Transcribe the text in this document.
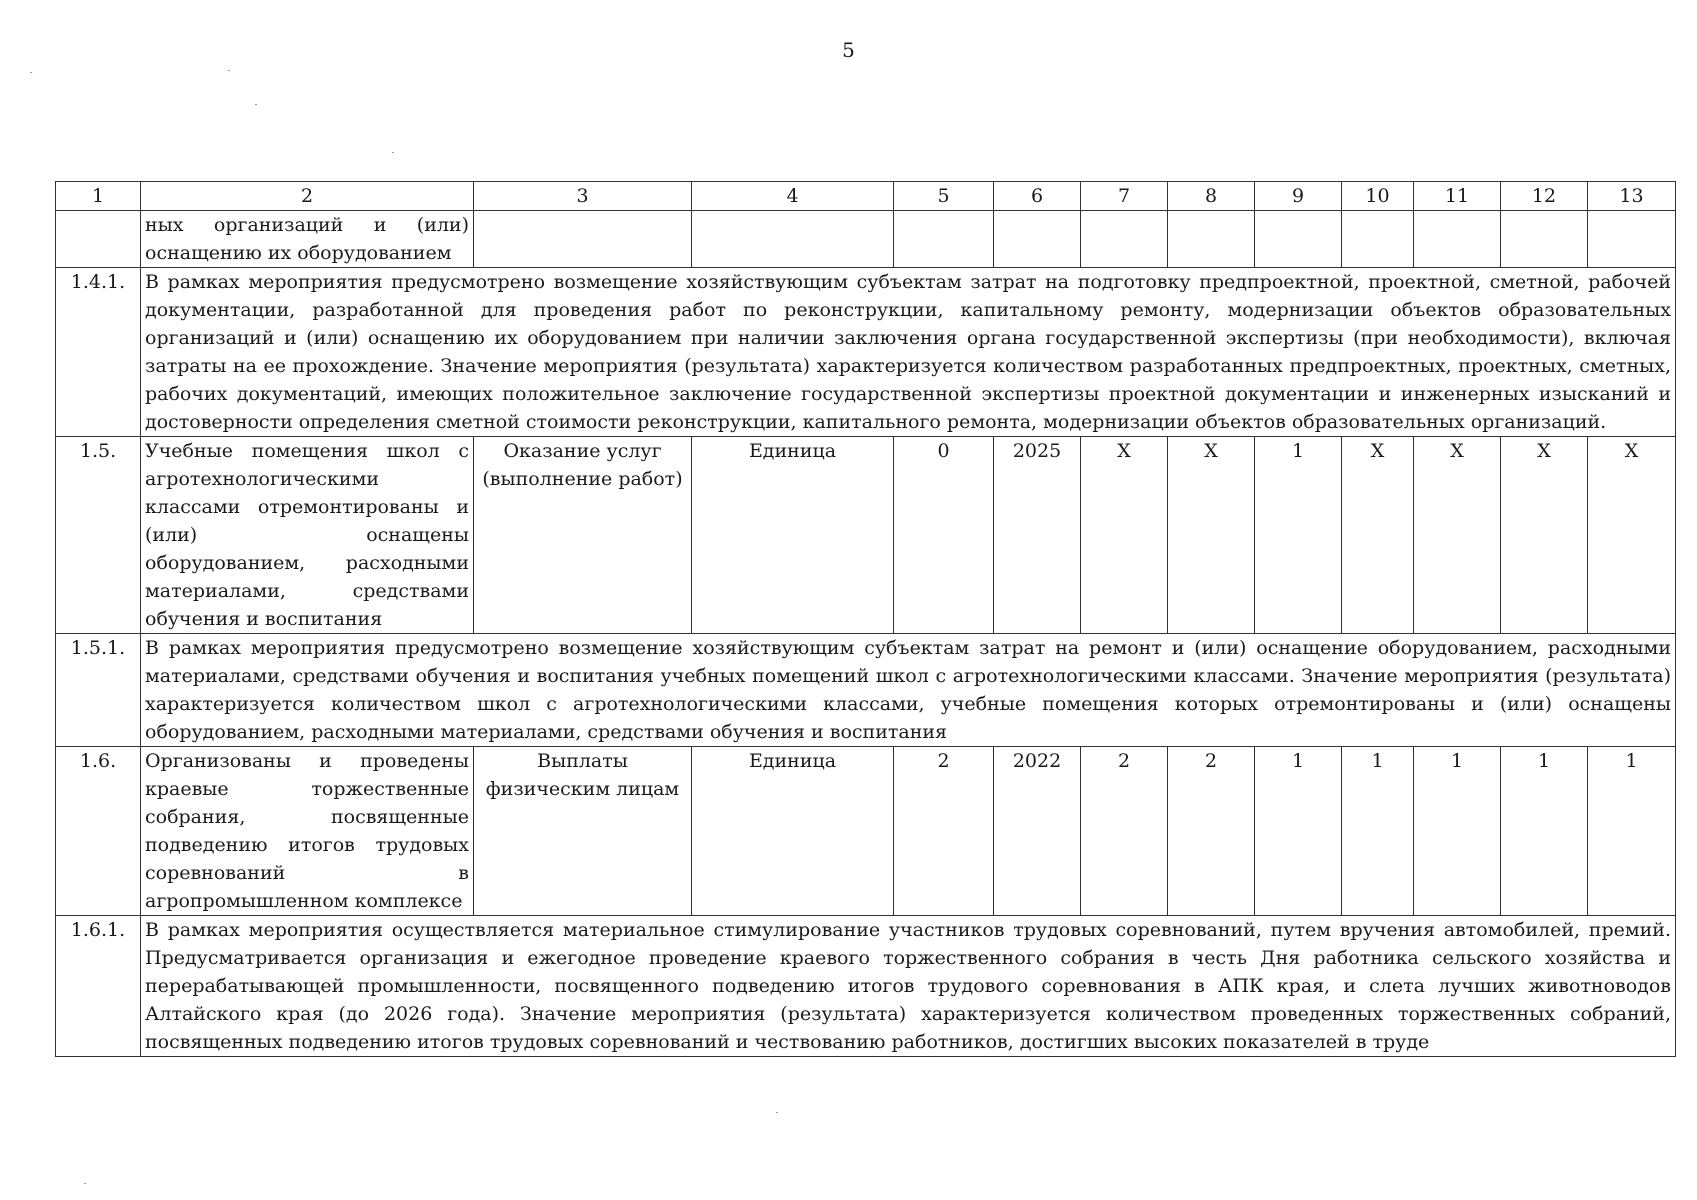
5
1	2	3	4	5	6	7	8	9	10	11	12	13
	ных организаций и (или) оснащению их оборудованием											
1.4.1.	В рамках мероприятия предусмотрено возмещение хозяйствующим субъектам затрат на подготовку предпроектной, проектной, сметной, рабочей документации, разработанной для проведения работ по реконструкции, капитальному ремонту, модернизации объектов образовательных организаций и (или) оснащению их оборудованием при наличии заключения органа государственной экспертизы (при необходимости), включая затраты на ее прохождение. Значение мероприятия (результата) характеризуется количеством разработанных предпроектных, проектных, сметных, рабочих документаций, имеющих положительное заключение государственной экспертизы проектной документации и инженерных изысканий и достоверности определения сметной стоимости реконструкции, капитального ремонта, модернизации объектов образовательных организаций.											
1.5.	Учебные помещения школ с агротехнологическими классами отремонтированы и (или) оснащены оборудованием, расходными материалами, средствами обучения и воспитания	Оказание услуг (выполнение работ)	Единица	0	2025	X	X	1	X	X	X	X
1.5.1.	В рамках мероприятия предусмотрено возмещение хозяйствующим субъектам затрат на ремонт и (или) оснащение оборудованием, расходными материалами, средствами обучения и воспитания учебных помещений школ с агротехнологическими классами. Значение мероприятия (результата) характеризуется количеством школ с агротехнологическими классами, учебные помещения которых отремонтированы и (или) оснащены оборудованием, расходными материалами, средствами обучения и воспитания											
1.6.	Организованы и проведены краевые торжественные собрания, посвященные подведению итогов трудовых соревнований в агропромышленном комплексе	Выплаты физическим лицам	Единица	2	2022	2	2	1	1	1	1	1
1.6.1.	В рамках мероприятия осуществляется материальное стимулирование участников трудовых соревнований, путем вручения автомобилей, премий. Предусматривается организация и ежегодное проведение краевого торжественного собрания в честь Дня работника сельского хозяйства и перерабатывающей промышленности, посвященного подведению итогов трудового соревнования в АПК края, и слета лучших животноводов Алтайского края (до 2026 года). Значение мероприятия (результата) характеризуется количеством проведенных торжественных собраний, посвященных подведению итогов трудовых соревнований и чествованию работников, достигших высоких показателей в труде											
